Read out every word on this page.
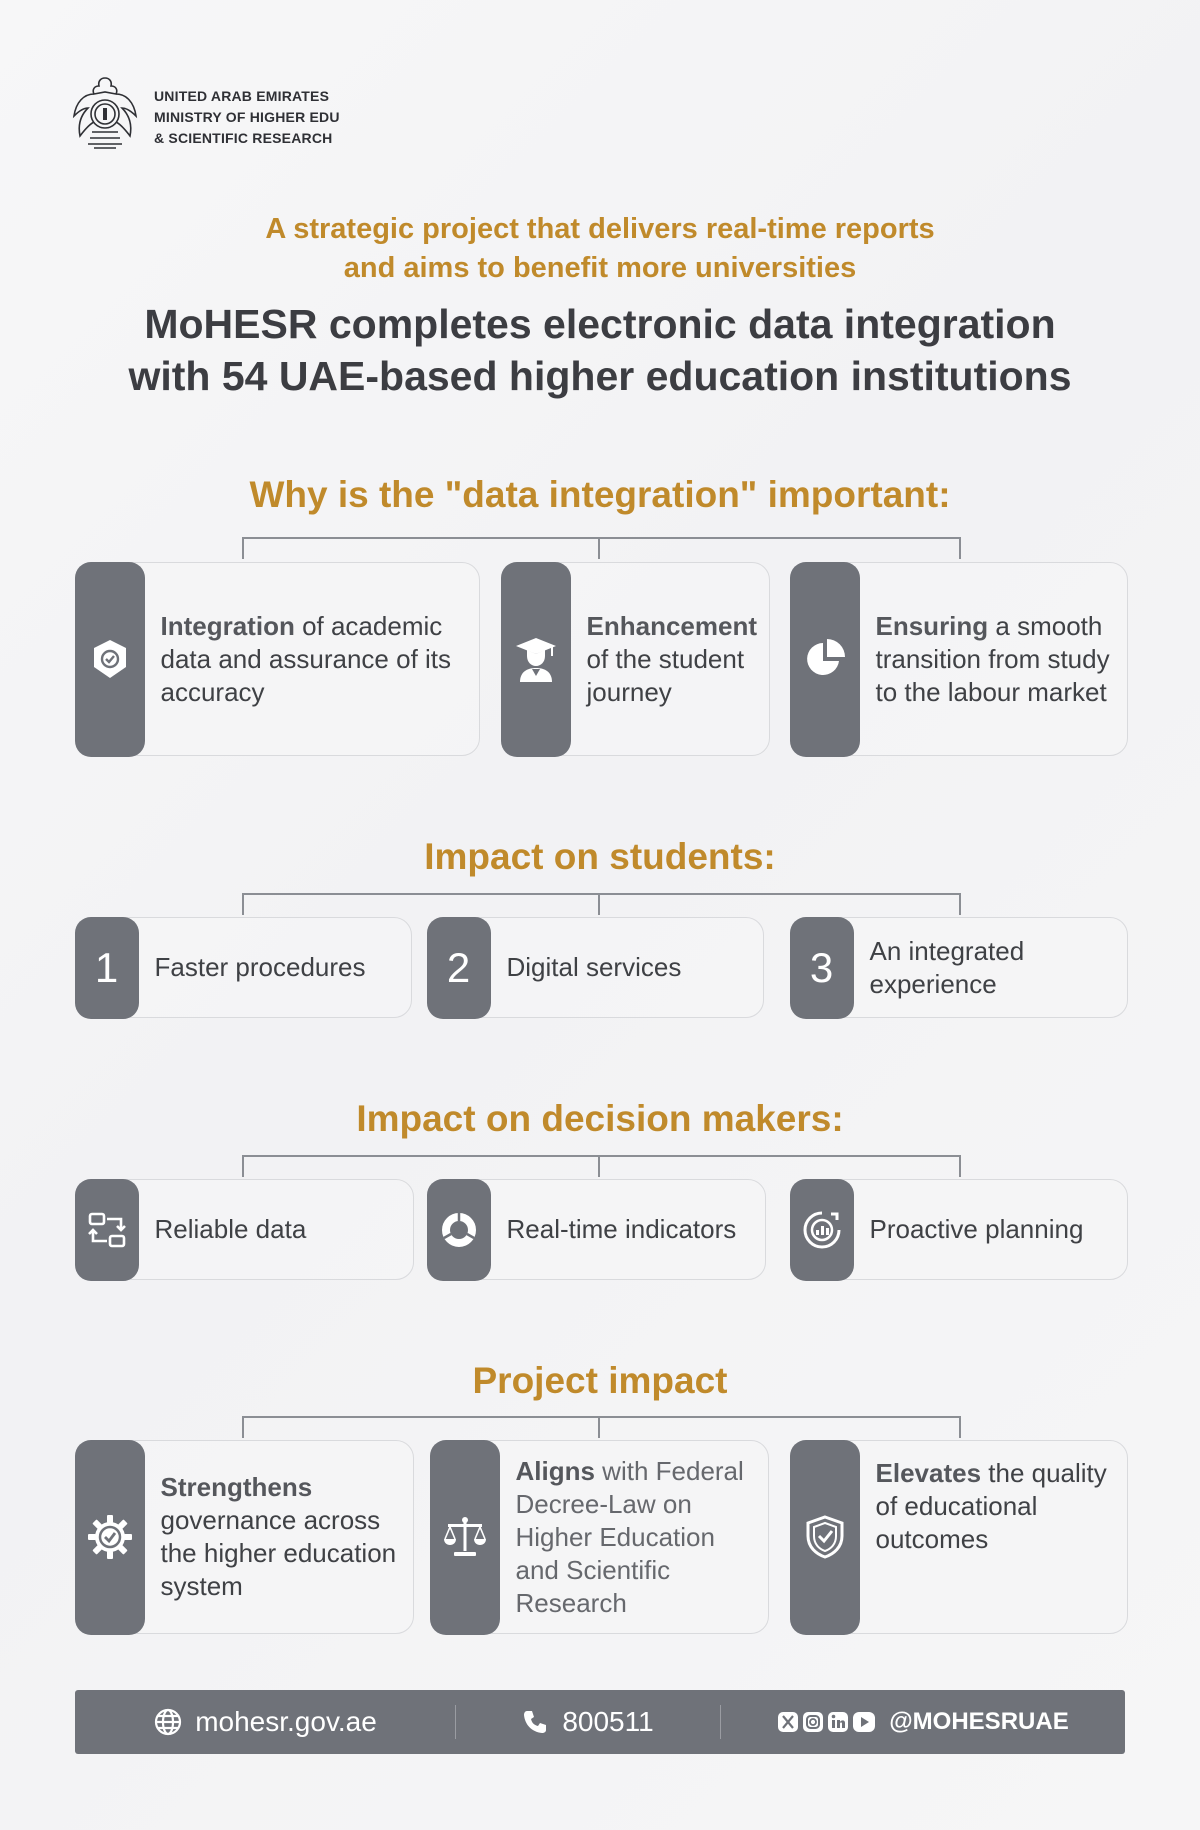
UNITED ARAB EMIRATES
MINISTRY OF HIGHER EDU
& SCIENTIFIC RESEARCH
A strategic project that delivers real-time reports
and aims to benefit more universities
MoHESR completes electronic data integration
with 54 UAE-based higher education institutions
Why is the "data integration" important:
Integration of academic data and assurance of its accuracy
Enhancement of the student journey
Ensuring a smooth transition from study to the labour market
Impact on students:
1	Faster procedures 2	Digital services	3	An integrated experience
Impact on decision makers:
Reliable data	Real-time indicators	Proactive planning
Project impact
Strengthens governance across the higher education system
Aligns with Federal Decree-Law on Higher Education and Scientific Research
Elevates the quality of educational outcomes
mohesr.gov.ae	800511	@MOHESRUAE
